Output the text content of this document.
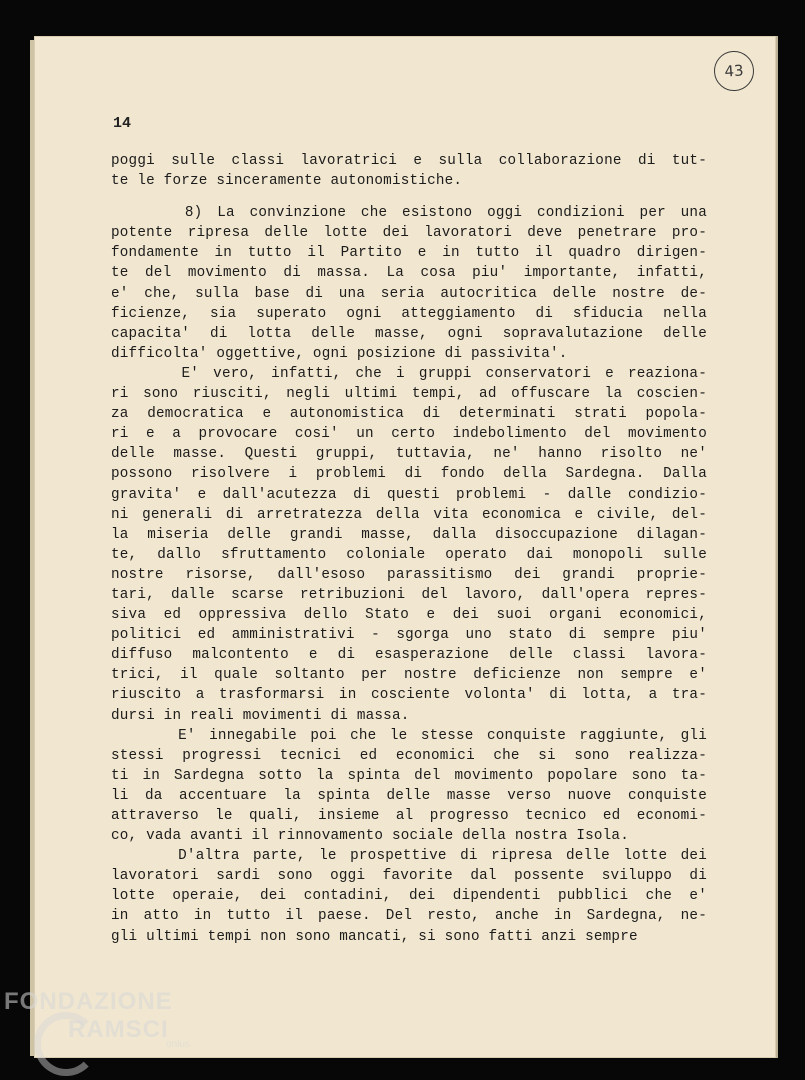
14
43
poggi sulle classi lavoratrici e sulla collaborazione di tut-
te le forze sinceramente autonomistiche.
8) La convinzione che esistono oggi condizioni per una
potente ripresa delle lotte dei lavoratori deve penetrare pro-
fondamente in tutto il Partito e in tutto il quadro dirigen-
te del movimento di massa. La cosa piu' importante, infatti,
e' che, sulla base di una seria autocritica delle nostre de-
ficienze, sia superato ogni atteggiamento di sfiducia nella
capacita' di lotta delle masse, ogni sopravalutazione delle
difficolta' oggettive, ogni posizione di passivita'.
E' vero, infatti, che i gruppi conservatori e reaziona-
ri sono riusciti, negli ultimi tempi, ad offuscare la coscien-
za democratica e autonomistica di determinati strati popola-
ri e a provocare cosi' un certo indebolimento del movimento
delle masse. Questi gruppi, tuttavia, ne' hanno risolto ne'
possono risolvere i problemi di fondo della Sardegna. Dalla
gravita' e dall'acutezza di questi problemi - dalle condizio-
ni generali di arretratezza della vita economica e civile, del-
la miseria delle grandi masse, dalla disoccupazione dilagan-
te, dallo sfruttamento coloniale operato dai monopoli sulle
nostre risorse, dall'esoso parassitismo dei grandi proprie-
tari, dalle scarse retribuzioni del lavoro, dall'opera repres-
siva ed oppressiva dello Stato e dei suoi organi economici,
politici ed amministrativi - sgorga uno stato di sempre piu'
diffuso malcontento e di esasperazione delle classi lavora-
trici, il quale soltanto per nostre deficienze non sempre e'
riuscito a trasformarsi in cosciente volonta' di lotta, a tra-
dursi in reali movimenti di massa.
E' innegabile poi che le stesse conquiste raggiunte, gli
stessi progressi tecnici ed economici che si sono realizza-
ti in Sardegna sotto la spinta del movimento popolare sono ta-
li da accentuare la spinta delle masse verso nuove conquiste
attraverso le quali, insieme al progresso tecnico ed economi-
co, vada avanti il rinnovamento sociale della nostra Isola.
D'altra parte, le prospettive di ripresa delle lotte dei
lavoratori sardi sono oggi favorite dal possente sviluppo di
lotte operaie, dei contadini, dei dipendenti pubblici che e'
in atto in tutto il paese. Del resto, anche in Sardegna, ne-
gli ultimi tempi non sono mancati, si sono fatti anzi sempre
FONDAZIONE
RAMSCI
onlus
